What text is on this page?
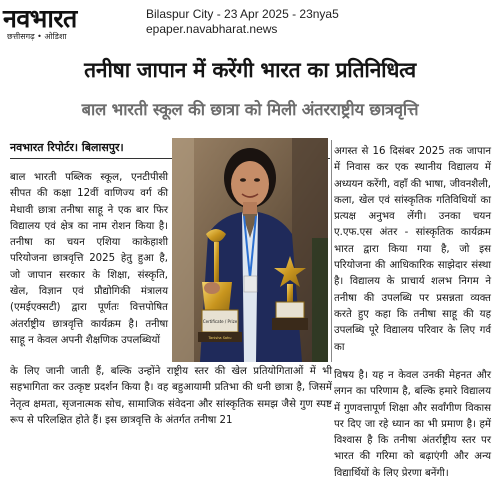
नवभारत
छत्तीसगढ़ • ओडिशा
Bilaspur City - 23 Apr 2025 - 23nya5
epaper.navabharat.news
तनीषा जापान में करेंगी भारत का प्रतिनिधित्व
बाल भारती स्कूल की छात्रा को मिली अंतरराष्ट्रीय छात्रवृत्ति
नवभारत रिपोर्टर। बिलासपुर।

बाल भारती पब्लिक स्कूल, एनटीपीसी सीपत की कक्षा 12वीं वाणिज्य वर्ग की मेधावी छात्रा तनीषा साहू ने एक बार फिर विद्यालय एवं क्षेत्र का नाम रोशन किया है। तनीषा का चयन एशिया काकेहाशी परियोजना छात्रवृत्ति 2025 हेतु हुआ है, जो जापान सरकार के शिक्षा, संस्कृति, खेल, विज्ञान एवं प्रौद्योगिकी मंत्रालय (एमईएक्सटी) द्वारा पूर्णतः वित्तपोषित अंतर्राष्ट्रीय छात्रवृत्ति कार्यक्रम है। तनीषा साहू न केवल अपनी शैक्षणिक उपलब्धियों

Certificate / Prize
Tanisha Sahu

अगस्त से 16 दिसंबर 2025 तक जापान में निवास कर एक स्थानीय विद्यालय में अध्ययन करेंगी, वहाँ की भाषा, जीवनशैली, कला, खेल एवं सांस्कृतिक गतिविधियों का प्रत्यक्ष अनुभव लेंगी। उनका चयन ए.एफ.एस अंतर - सांस्कृतिक कार्यक्रम भारत द्वारा किया गया है, जो इस परियोजना की आधिकारिक साझेदार संस्था है। विद्यालय के प्राचार्य शलभ निगम ने तनीषा की उपलब्धि पर प्रसन्नता व्यक्त करते हुए कहा कि तनीषा साहू की यह उपलब्धि पूरे विद्यालय परिवार के लिए गर्व का

के लिए जानी जाती हैं, बल्कि उन्होंने राष्ट्रीय स्तर की खेल प्रतियोगिताओं में भी सहभागिता कर उत्कृष्ट प्रदर्शन किया है। वह बहुआयामी प्रतिभा की धनी छात्रा है, जिसमें नेतृत्व क्षमता, सृजनात्मक सोच, सामाजिक संवेदना और सांस्कृतिक समझ जैसे गुण स्पष्ट रूप से परिलक्षित होते हैं। इस छात्रवृत्ति के अंतर्गत तनीषा 21

विषय है। यह न केवल उनकी मेहनत और लगन का परिणाम है, बल्कि हमारे विद्यालय में गुणवत्तापूर्ण शिक्षा और सर्वांगीण विकास पर दिए जा रहे ध्यान का भी प्रमाण है। हमें विश्वास है कि तनीषा अंतर्राष्ट्रीय स्तर पर भारत की गरिमा को बढ़ाएंगी और अन्य विद्यार्थियों के लिए प्रेरणा बनेंगी।
